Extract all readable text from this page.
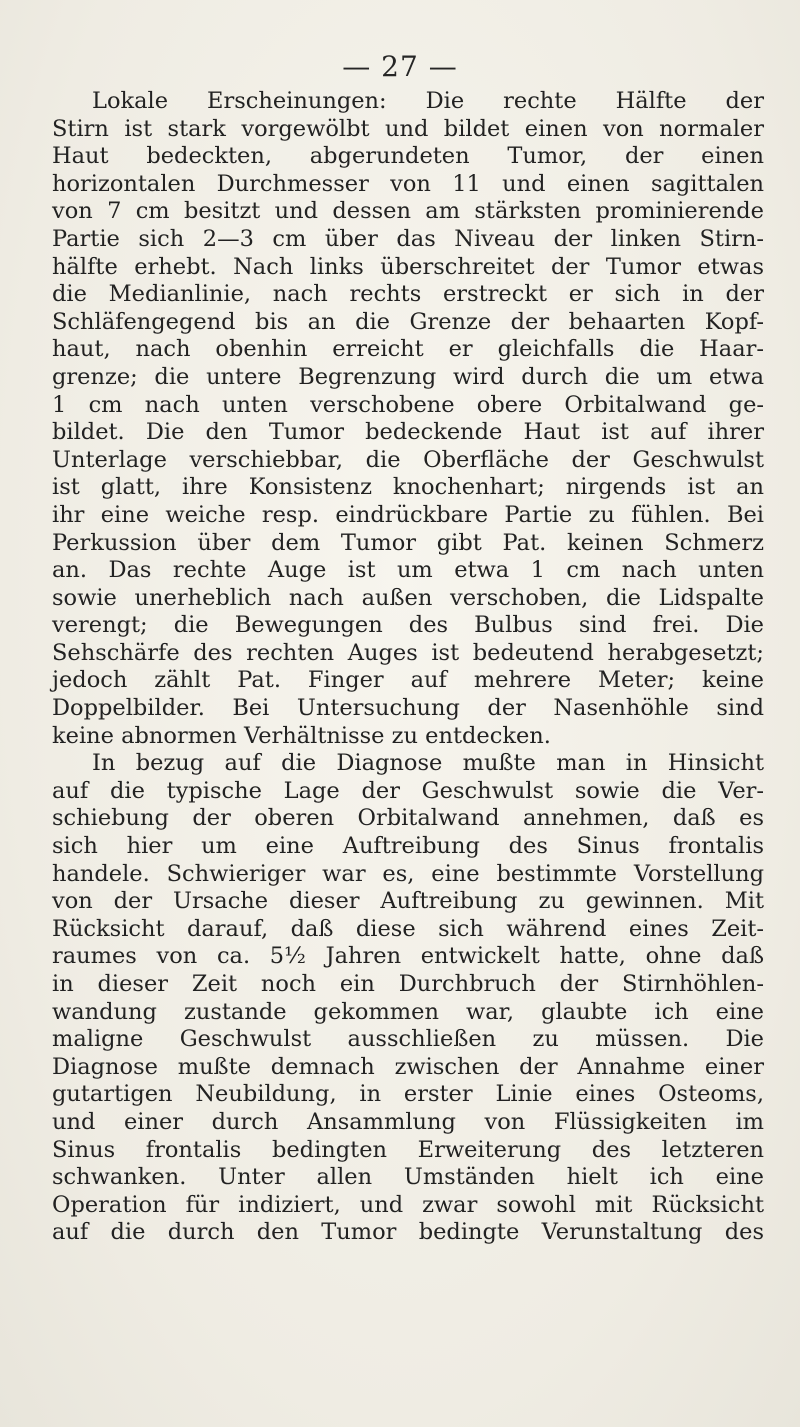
— 27 —
Lokale Erscheinungen: Die rechte Hälfte der
Stirn ist stark vorgewölbt und bildet einen von normaler
Haut bedeckten, abgerundeten Tumor, der einen
horizontalen Durchmesser von 11 und einen sagittalen
von 7 cm besitzt und dessen am stärksten prominierende
Partie sich 2—3 cm über das Niveau der linken Stirn-
hälfte erhebt. Nach links überschreitet der Tumor etwas
die Medianlinie, nach rechts erstreckt er sich in der
Schläfengegend bis an die Grenze der behaarten Kopf-
haut, nach obenhin erreicht er gleichfalls die Haar-
grenze; die untere Begrenzung wird durch die um etwa
1 cm nach unten verschobene obere Orbitalwand ge-
bildet. Die den Tumor bedeckende Haut ist auf ihrer
Unterlage verschiebbar, die Oberfläche der Geschwulst
ist glatt, ihre Konsistenz knochenhart; nirgends ist an
ihr eine weiche resp. eindrückbare Partie zu fühlen. Bei
Perkussion über dem Tumor gibt Pat. keinen Schmerz
an. Das rechte Auge ist um etwa 1 cm nach unten
sowie unerheblich nach außen verschoben, die Lidspalte
verengt; die Bewegungen des Bulbus sind frei. Die
Sehschärfe des rechten Auges ist bedeutend herabgesetzt;
jedoch zählt Pat. Finger auf mehrere Meter; keine
Doppelbilder. Bei Untersuchung der Nasenhöhle sind
keine abnormen Verhältnisse zu entdecken.
In bezug auf die Diagnose mußte man in Hinsicht
auf die typische Lage der Geschwulst sowie die Ver-
schiebung der oberen Orbitalwand annehmen, daß es
sich hier um eine Auftreibung des Sinus frontalis
handele. Schwieriger war es, eine bestimmte Vorstellung
von der Ursache dieser Auftreibung zu gewinnen. Mit
Rücksicht darauf, daß diese sich während eines Zeit-
raumes von ca. 5½ Jahren entwickelt hatte, ohne daß
in dieser Zeit noch ein Durchbruch der Stirnhöhlen-
wandung zustande gekommen war, glaubte ich eine
maligne Geschwulst ausschließen zu müssen. Die
Diagnose mußte demnach zwischen der Annahme einer
gutartigen Neubildung, in erster Linie eines Osteoms,
und einer durch Ansammlung von Flüssigkeiten im
Sinus frontalis bedingten Erweiterung des letzteren
schwanken. Unter allen Umständen hielt ich eine
Operation für indiziert, und zwar sowohl mit Rücksicht
auf die durch den Tumor bedingte Verunstaltung des
